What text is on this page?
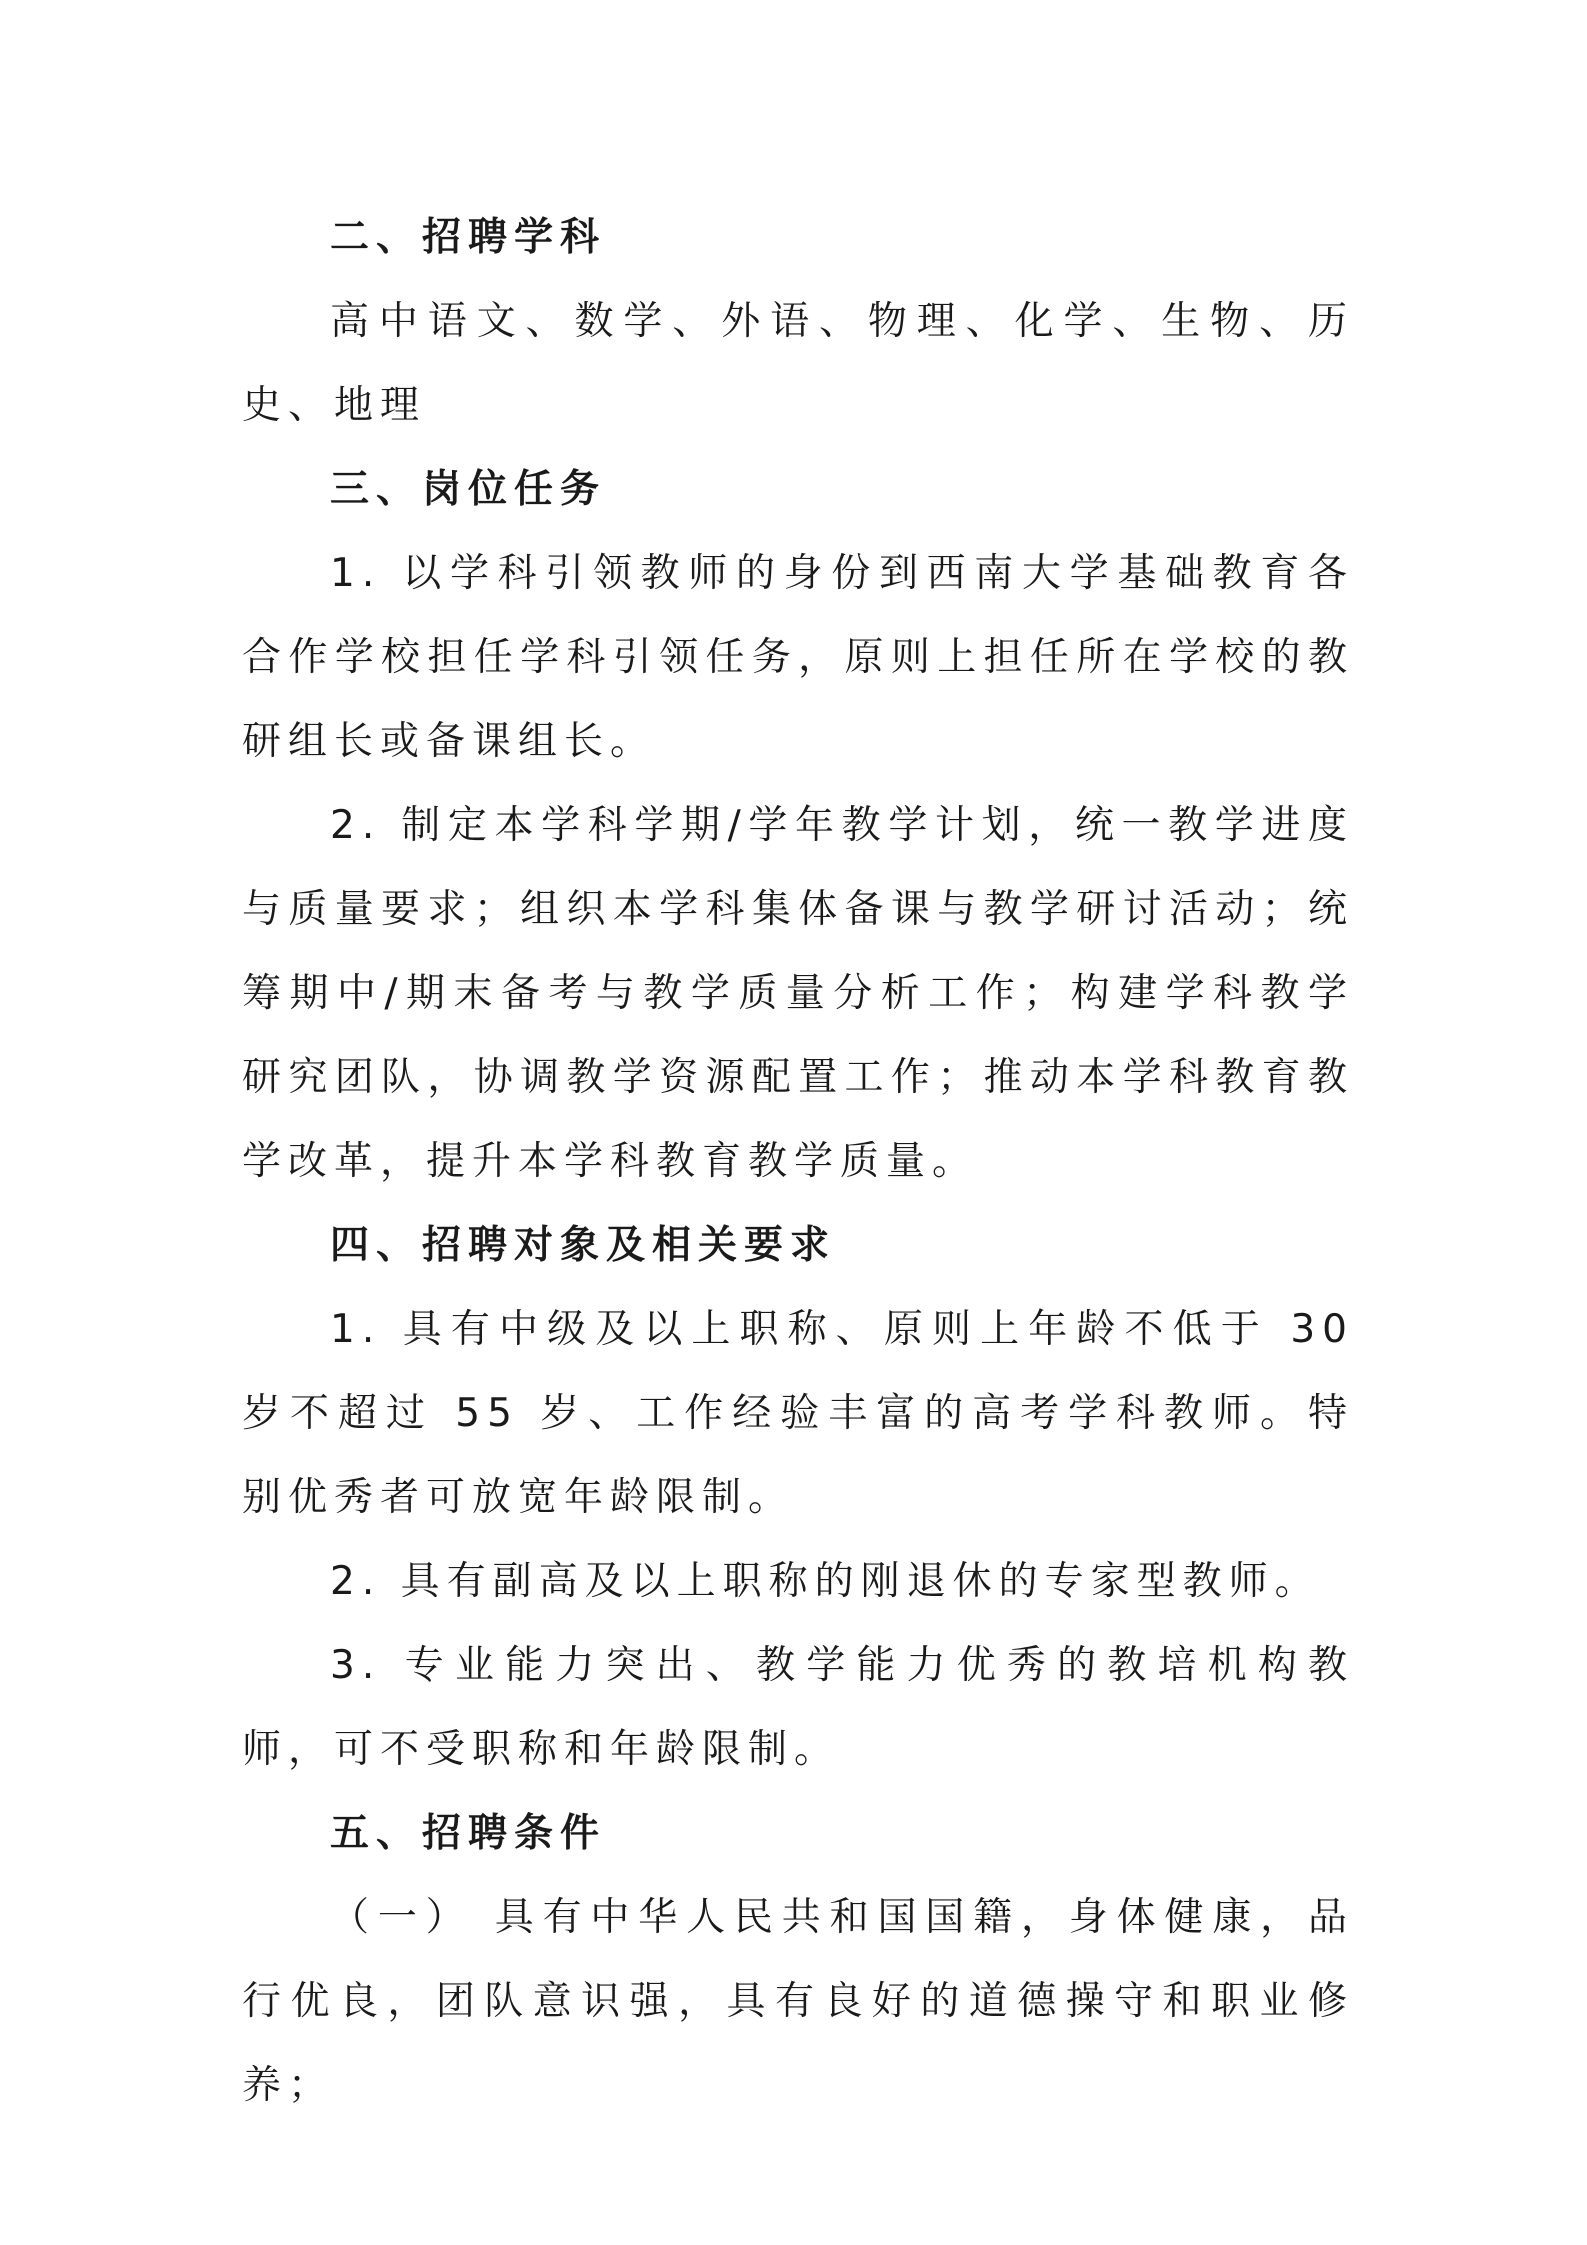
二、招聘学科

高中语文、数学、外语、物理、化学、生物、历史、地理

三、岗位任务

1. 以学科引领教师的身份到西南大学基础教育各合作学校担任学科引领任务，原则上担任所在学校的教研组长或备课组长。

2. 制定本学科学期/学年教学计划，统一教学进度与质量要求；组织本学科集体备课与教学研讨活动；统筹期中/期末备考与教学质量分析工作；构建学科教学研究团队，协调教学资源配置工作；推动本学科教育教学改革，提升本学科教育教学质量。

四、招聘对象及相关要求

1. 具有中级及以上职称、原则上年龄不低于 30 岁不超过 55 岁、工作经验丰富的高考学科教师。特别优秀者可放宽年龄限制。

2. 具有副高及以上职称的刚退休的专家型教师。

3. 专业能力突出、教学能力优秀的教培机构教师，可不受职称和年龄限制。

五、招聘条件

（一） 具有中华人民共和国国籍，身体健康，品行优良，团队意识强，具有良好的道德操守和职业修养；
